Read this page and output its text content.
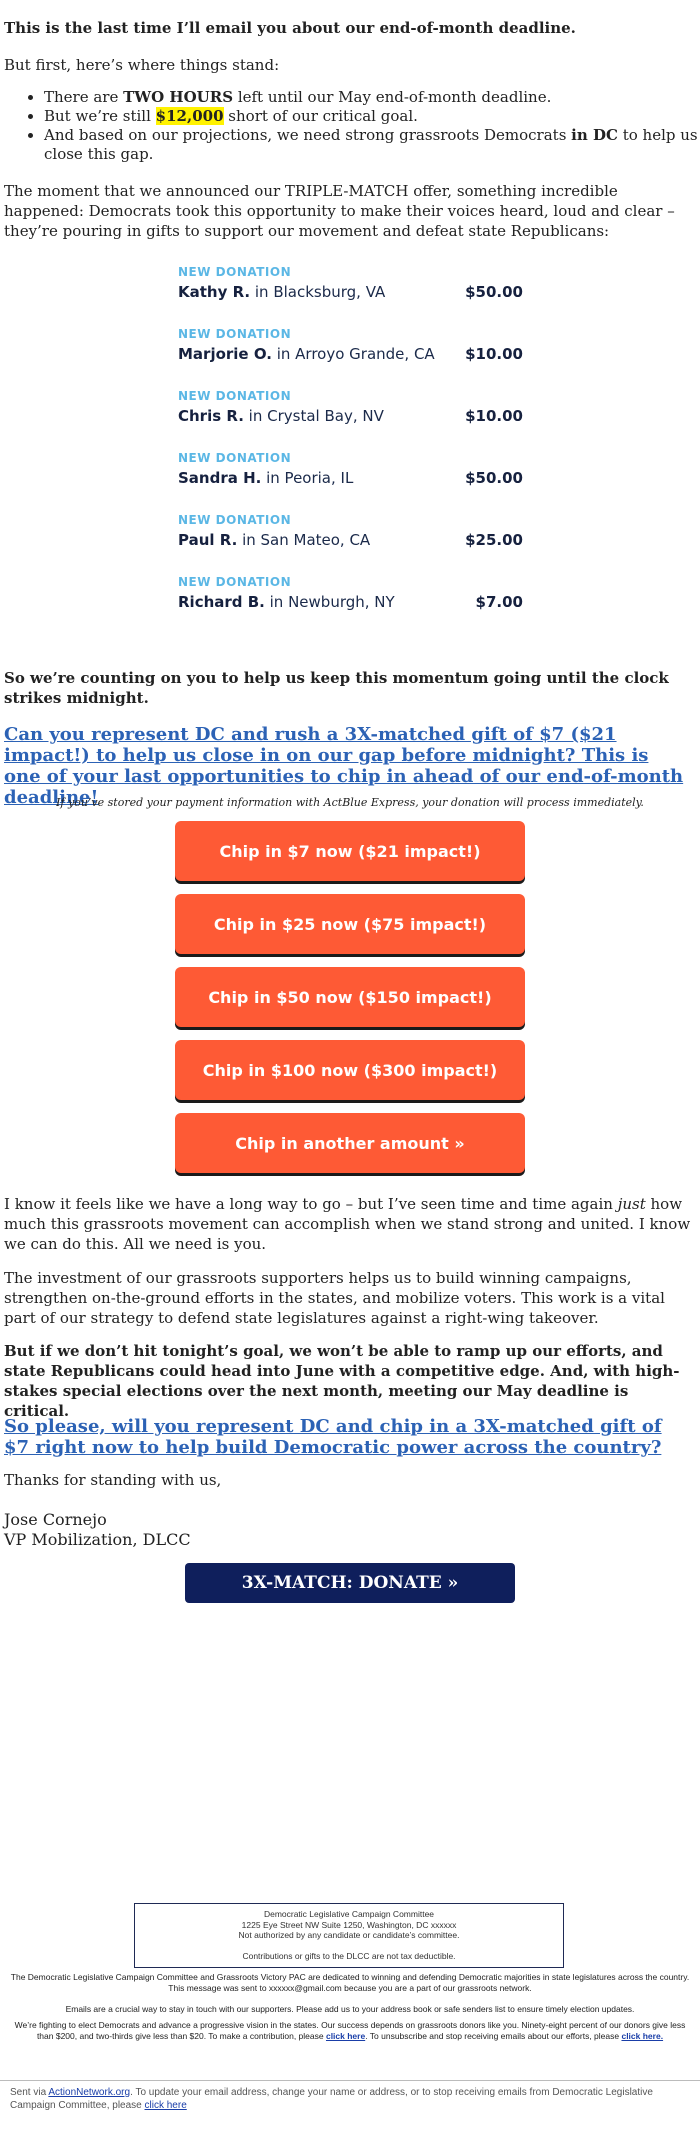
This is the last time I’ll email you about our end-of-month deadline.

But first, here’s where things stand:

• There are TWO HOURS left until our May end-of-month deadline.
• But we’re still $12,000 short of our critical goal.
• And based on our projections, we need strong grassroots Democrats in DC to help us close this gap.

The moment that we announced our TRIPLE-MATCH offer, something incredible happened: Democrats took this opportunity to make their voices heard, loud and clear – they’re pouring in gifts to support our movement and defeat state Republicans:

NEW DONATION
Kathy R. in Blacksburg, VA	$50.00
NEW DONATION
Marjorie O. in Arroyo Grande, CA	$10.00
NEW DONATION
Chris R. in Crystal Bay, NV	$10.00
NEW DONATION
Sandra H. in Peoria, IL	$50.00
NEW DONATION
Paul R. in San Mateo, CA	$25.00
NEW DONATION
Richard B. in Newburgh, NY	$7.00

So we’re counting on you to help us keep this momentum going until the clock strikes midnight.

Can you represent DC and rush a 3X-matched gift of $7 ($21 impact!) to help us close in on our gap before midnight? This is one of your last opportunities to chip in ahead of our end-of-month deadline!

If you’ve stored your payment information with ActBlue Express, your donation will process immediately.

Chip in $7 now ($21 impact!)
Chip in $25 now ($75 impact!)
Chip in $50 now ($150 impact!)
Chip in $100 now ($300 impact!)
Chip in another amount »

I know it feels like we have a long way to go – but I’ve seen time and time again just how much this grassroots movement can accomplish when we stand strong and united. I know we can do this. All we need is you.

The investment of our grassroots supporters helps us to build winning campaigns, strengthen on-the-ground efforts in the states, and mobilize voters. This work is a vital part of our strategy to defend state legislatures against a right-wing takeover.

But if we don’t hit tonight’s goal, we won’t be able to ramp up our efforts, and state Republicans could head into June with a competitive edge. And, with high-stakes special elections over the next month, meeting our May deadline is critical.

So please, will you represent DC and chip in a 3X-matched gift of $7 right now to help build Democratic power across the country?

Thanks for standing with us,

Jose Cornejo
VP Mobilization, DLCC
3X-MATCH: DONATE »
Democratic Legislative Campaign Committee
1225 Eye Street NW Suite 1250, Washington, DC xxxxxx
Not authorized by any candidate or candidate’s committee.
Contributions or gifts to the DLCC are not tax deductible.

The Democratic Legislative Campaign Committee and Grassroots Victory PAC are dedicated to winning and defending Democratic majorities in state legislatures across the country. This message was sent to xxxxxx@gmail.com because you are a part of our grassroots network.

Emails are a crucial way to stay in touch with our supporters. Please add us to your address book or safe senders list to ensure timely election updates.

We’re fighting to elect Democrats and advance a progressive vision in the states. Our success depends on grassroots donors like you. Ninety-eight percent of our donors give less than $200, and two-thirds give less than $20. To make a contribution, please click here. To unsubscribe and stop receiving emails about our efforts, please click here.

Sent via ActionNetwork.org. To update your email address, change your name or address, or to stop receiving emails from Democratic Legislative Campaign Committee, please click here
